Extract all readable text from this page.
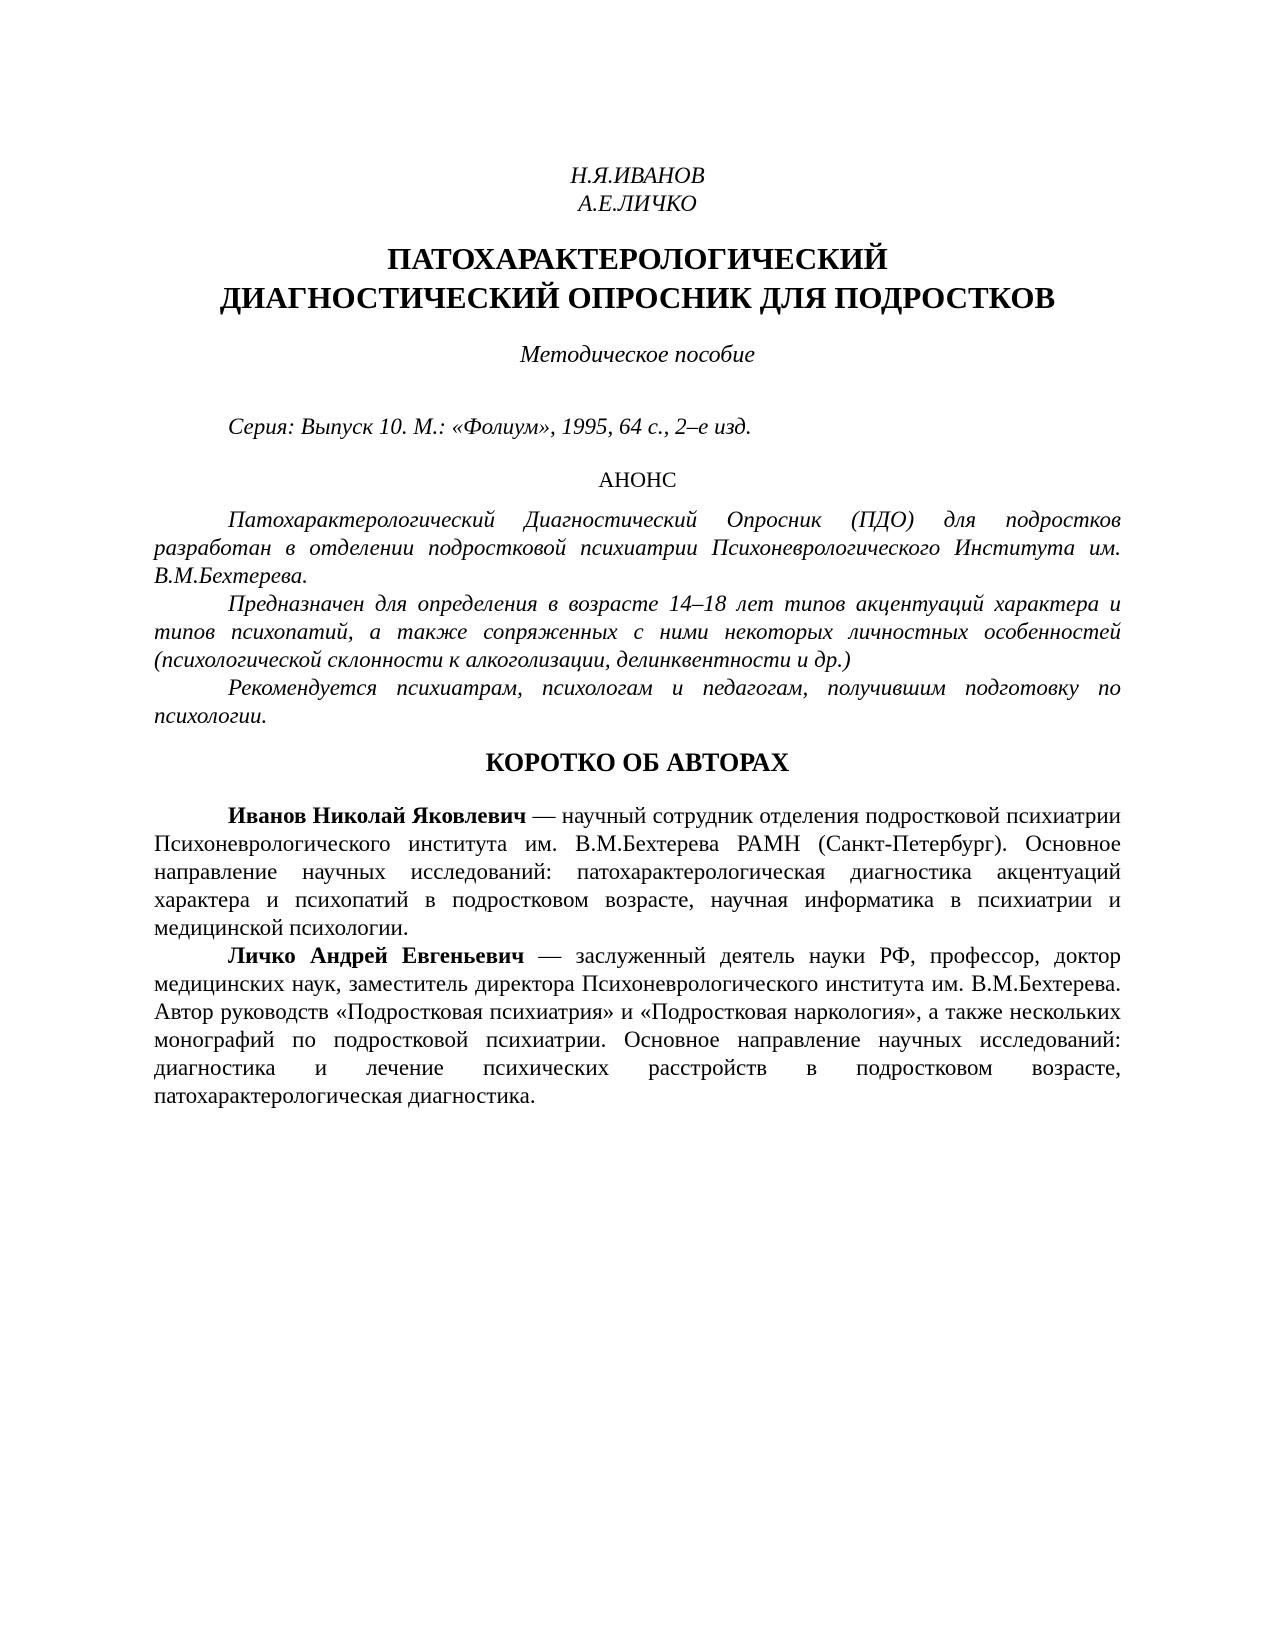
Н.Я.ИВАНОВ
А.Е.ЛИЧКО
ПАТОХАРАКТЕРОЛОГИЧЕСКИЙ
ДИАГНОСТИЧЕСКИЙ ОПРОСНИК ДЛЯ ПОДРОСТКОВ
Методическое пособие
Серия: Выпуск 10. М.: «Фолиум», 1995, 64 с., 2–е изд.
АНОНС

Патохарактерологический Диагностический Опросник (ПДО) для подростков разработан в отделении подростковой психиатрии Психоневрологического Института им. В.М.Бехтерева.

Предназначен для определения в возрасте 14–18 лет типов акцентуаций характера и типов психопатий, а также сопряженных с ними некоторых личностных особенностей (психологической склонности к алкоголизации, делинквентности и др.)

Рекомендуется психиатрам, психологам и педагогам, получившим подготовку по психологии.

КОРОТКО ОБ АВТОРАХ

Иванов Николай Яковлевич — научный сотрудник отделения подростковой психиатрии Психоневрологического института им. В.М.Бехтерева РАМН (Санкт-Петербург). Основное направление научных исследований: патохарактерологическая диагностика акцентуаций характера и психопатий в подростковом возрасте, научная информатика в психиатрии и медицинской психологии.

Личко Андрей Евгеньевич — заслуженный деятель науки РФ, профессор, доктор медицинских наук, заместитель директора Психоневрологического института им. В.М.Бехтерева. Автор руководств «Подростковая психиатрия» и «Подростковая наркология», а также нескольких монографий по подростковой психиатрии. Основное направление научных исследований: диагностика и лечение психических расстройств в подростковом возрасте, патохарактерологическая диагностика.
